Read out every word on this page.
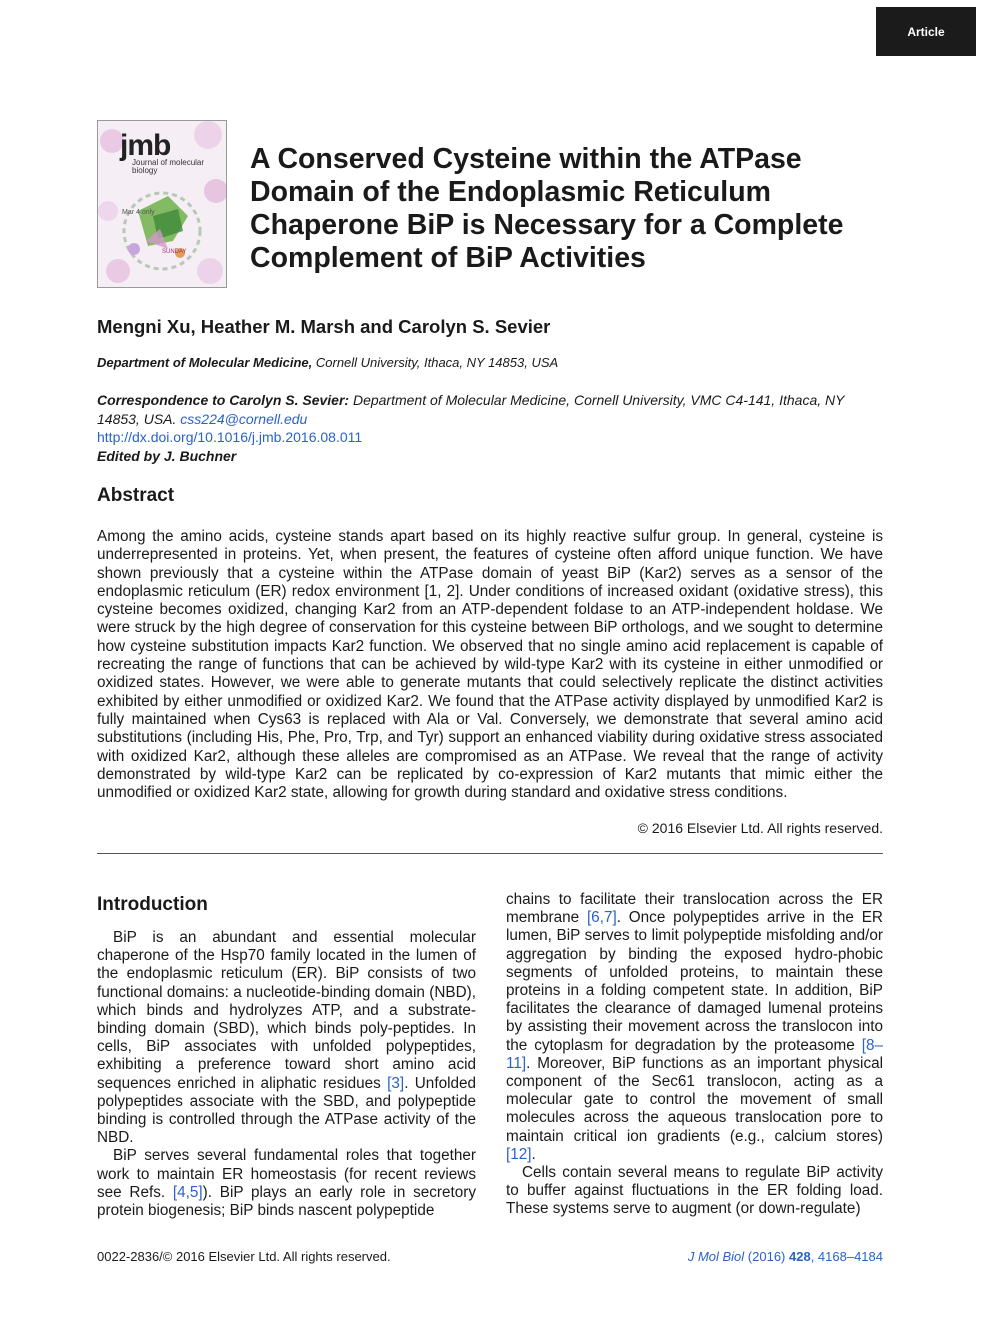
Article
Mar 4 only
SUNDAY
jmb
Journal of molecular biology	A Conserved Cysteine within the ATPase Domain of the Endoplasmic Reticulum Chaperone BiP is Necessary for a Complete Complement of BiP Activities

Mengni Xu, Heather M. Marsh and Carolyn S. Sevier

Department of Molecular Medicine, Cornell University, Ithaca, NY 14853, USA
Correspondence to Carolyn S. Sevier: Department of Molecular Medicine, Cornell University, VMC C4-141, Ithaca, NY 14853, USA. css224@cornell.edu
http://dx.doi.org/10.1016/j.jmb.2016.08.011
Edited by J. Buchner
Abstract

Among the amino acids, cysteine stands apart based on its highly reactive sulfur group. In general, cysteine is underrepresented in proteins. Yet, when present, the features of cysteine often afford unique function. We have shown previously that a cysteine within the ATPase domain of yeast BiP (Kar2) serves as a sensor of the endoplasmic reticulum (ER) redox environment [1, 2]. Under conditions of increased oxidant (oxidative stress), this cysteine becomes oxidized, changing Kar2 from an ATP-dependent foldase to an ATP-independent holdase. We were struck by the high degree of conservation for this cysteine between BiP orthologs, and we sought to determine how cysteine substitution impacts Kar2 function. We observed that no single amino acid replacement is capable of recreating the range of functions that can be achieved by wild-type Kar2 with its cysteine in either unmodified or oxidized states. However, we were able to generate mutants that could selectively replicate the distinct activities exhibited by either unmodified or oxidized Kar2. We found that the ATPase activity displayed by unmodified Kar2 is fully maintained when Cys63 is replaced with Ala or Val. Conversely, we demonstrate that several amino acid substitutions (including His, Phe, Pro, Trp, and Tyr) support an enhanced viability during oxidative stress associated with oxidized Kar2, although these alleles are compromised as an ATPase. We reveal that the range of activity demonstrated by wild-type Kar2 can be replicated by co-expression of Kar2 mutants that mimic either the unmodified or oxidized Kar2 state, allowing for growth during standard and oxidative stress conditions.

© 2016 Elsevier Ltd. All rights reserved.
Introduction

BiP is an abundant and essential molecular chaperone of the Hsp70 family located in the lumen of the endoplasmic reticulum (ER). BiP consists of two functional domains: a nucleotide-binding domain (NBD), which binds and hydrolyzes ATP, and a substrate-binding domain (SBD), which binds poly-peptides. In cells, BiP associates with unfolded polypeptides, exhibiting a preference toward short amino acid sequences enriched in aliphatic residues [3]. Unfolded polypeptides associate with the SBD, and polypeptide binding is controlled through the ATPase activity of the NBD.

BiP serves several fundamental roles that together work to maintain ER homeostasis (for recent reviews see Refs. [4,5]). BiP plays an early role in secretory protein biogenesis; BiP binds nascent polypeptide

chains to facilitate their translocation across the ER membrane [6,7]. Once polypeptides arrive in the ER lumen, BiP serves to limit polypeptide misfolding and/or aggregation by binding the exposed hydro-phobic segments of unfolded proteins, to maintain these proteins in a folding competent state. In addition, BiP facilitates the clearance of damaged lumenal proteins by assisting their movement across the translocon into the cytoplasm for degradation by the proteasome [8–11]. Moreover, BiP functions as an important physical component of the Sec61 translocon, acting as a molecular gate to control the movement of small molecules across the aqueous translocation pore to maintain critical ion gradients (e.g., calcium stores) [12].

Cells contain several means to regulate BiP activity to buffer against fluctuations in the ER folding load. These systems serve to augment (or down-regulate)

0022-2836/© 2016 Elsevier Ltd. All rights reserved.	J Mol Biol (2016) 428, 4168–4184
